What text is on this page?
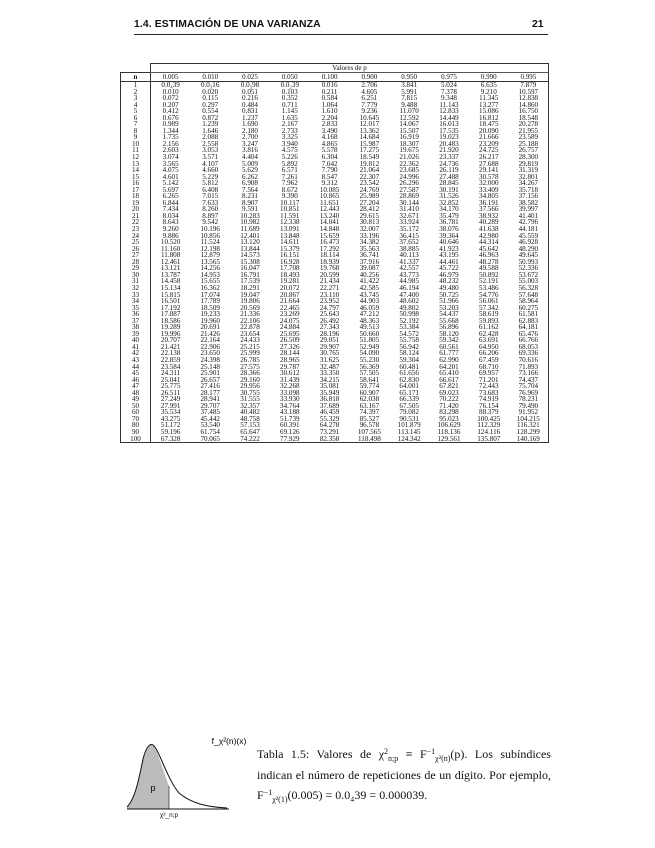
1.4. ESTIMACIÓN DE UNA VARIANZA	21
	Valores de p									
n	0.005	0.010	0.025	0.050	0.100	0.900	0.950	0.975	0.990	0.995
1	0.0₄39	0.0₃16	0.0₃98	0.0₂39	0.016	2.706	3.841	5.024	6.635	7.879
2	0.010	0.020	0.051	0.103	0.211	4.605	5.991	7.378	9.210	10.597
3	0.072	0.115	0.216	0.352	0.584	6.251	7.815	9.348	11.345	12.838
4	0.207	0.297	0.484	0.711	1.064	7.779	9.488	11.143	13.277	14.860
5	0.412	0.554	0.831	1.145	1.610	9.236	11.070	12.833	15.086	16.750
6	0.676	0.872	1.237	1.635	2.204	10.645	12.592	14.449	16.812	18.548
7	0.989	1.239	1.690	2.167	2.833	12.017	14.067	16.013	18.475	20.278
8	1.344	1.646	2.180	2.733	3.490	13.362	15.507	17.535	20.090	21.955
9	1.735	2.088	2.700	3.325	4.168	14.684	16.919	19.023	21.666	23.589
10	2.156	2.558	3.247	3.940	4.865	15.987	18.307	20.483	23.209	25.188
11	2.603	3.053	3.816	4.575	5.578	17.275	19.675	21.920	24.725	26.757
12	3.074	3.571	4.404	5.226	6.304	18.549	21.026	23.337	26.217	28.300
13	3.565	4.107	5.009	5.892	7.042	19.812	22.362	24.736	27.688	29.819
14	4.075	4.660	5.629	6.571	7.790	21.064	23.685	26.119	29.141	31.319
15	4.601	5.229	6.262	7.261	8.547	22.307	24.996	27.488	30.578	32.801
16	5.142	5.812	6.908	7.962	9.312	23.542	26.296	28.845	32.000	34.267
17	5.697	6.408	7.564	8.672	10.085	24.769	27.587	30.191	33.409	35.718
18	6.265	7.015	8.231	9.390	10.865	25.989	28.869	31.526	34.805	37.156
19	6.844	7.633	8.907	10.117	11.651	27.204	30.144	32.852	36.191	38.582
20	7.434	8.260	9.591	10.851	12.443	28.412	31.410	34.170	37.566	39.997
21	8.034	8.897	10.283	11.591	13.240	29.615	32.671	35.479	38.932	41.401
22	8.643	9.542	10.982	12.338	14.041	30.813	33.924	36.781	40.289	42.796
23	9.260	10.196	11.689	13.091	14.848	32.007	35.172	38.076	41.638	44.181
24	9.886	10.856	12.401	13.848	15.659	33.196	36.415	39.364	42.980	45.559
25	10.520	11.524	13.120	14.611	16.473	34.382	37.652	40.646	44.314	46.928
26	11.160	12.198	13.844	15.379	17.292	35.563	38.885	41.923	45.642	48.290
27	11.808	12.879	14.573	16.151	18.114	36.741	40.113	43.195	46.963	49.645
28	12.461	13.565	15.308	16.928	18.939	37.916	41.337	44.461	48.278	50.993
29	13.121	14.256	16.047	17.708	19.768	39.087	42.557	45.722	49.588	52.336
30	13.787	14.953	16.791	18.493	20.599	40.256	43.773	46.979	50.892	53.672
31	14.458	15.655	17.539	19.281	21.434	41.422	44.985	48.232	52.191	55.003
32	15.134	16.362	18.291	20.072	22.271	42.585	46.194	49.480	53.486	56.328
33	15.815	17.074	19.047	20.867	23.110	43.745	47.400	50.725	54.776	57.648
34	16.501	17.789	19.806	21.664	23.952	44.903	48.602	51.966	56.061	58.964
35	17.192	18.509	20.569	22.465	24.797	46.059	49.802	53.203	57.342	60.275
36	17.887	19.233	21.336	23.269	25.643	47.212	50.998	54.437	58.619	61.581
37	18.586	19.960	22.106	24.075	26.492	48.363	52.192	55.668	59.893	62.883
38	19.289	20.691	22.878	24.884	27.343	49.513	53.384	56.896	61.162	64.181
39	19.996	21.426	23.654	25.695	28.196	50.660	54.572	58.120	62.428	65.476
40	20.707	22.164	24.433	26.509	29.051	51.805	55.758	59.342	63.691	66.766
41	21.421	22.906	25.215	27.326	29.907	52.949	56.942	60.561	64.950	68.053
42	22.138	23.650	25.999	28.144	30.765	54.090	58.124	61.777	66.206	69.336
43	22.859	24.398	26.785	28.965	31.625	55.230	59.304	62.990	67.459	70.616
44	23.584	25.148	27.575	29.787	32.487	56.369	60.481	64.201	68.710	71.893
45	24.311	25.901	28.366	30.612	33.350	57.505	61.656	65.410	69.957	73.166
46	25.041	26.657	29.160	31.439	34.215	58.641	62.830	66.617	71.201	74.437
47	25.775	27.416	29.956	32.268	35.081	59.774	64.001	67.821	72.443	75.704
48	26.511	28.177	30.755	33.098	35.949	60.907	65.171	69.023	73.683	76.969
49	27.249	28.941	31.555	33.930	36.818	62.038	66.339	70.222	74.919	78.231
50	27.991	29.707	32.357	34.764	37.689	63.167	67.505	71.420	76.154	79.490
60	35.534	37.485	40.482	43.188	46.459	74.397	79.082	83.298	88.379	91.952
70	43.275	45.442	48.758	51.739	55.329	85.527	90.531	95.023	100.425	104.215
80	51.172	53.540	57.153	60.391	64.278	96.578	101.879	106.629	112.329	116.321
90	59.196	61.754	65.647	69.126	73.291	107.565	113.145	118.136	124.116	128.299
100	67.328	70.065	74.222	77.929	82.358	118.498	124.342	129.561	135.807	140.169
p
f_χ²(n)(x)
χ²_n;p
Tabla 1.5: Valores de $\chi^2_{n;p} \equiv F^{-1}_{\chi^2(n)}(p)$. Los subíndices indican el número de repeticiones de un dígito. Por ejemplo, $F^{-1}_{\chi^2(1)}(0.005) = 0.0_439 = 0.000039$.
